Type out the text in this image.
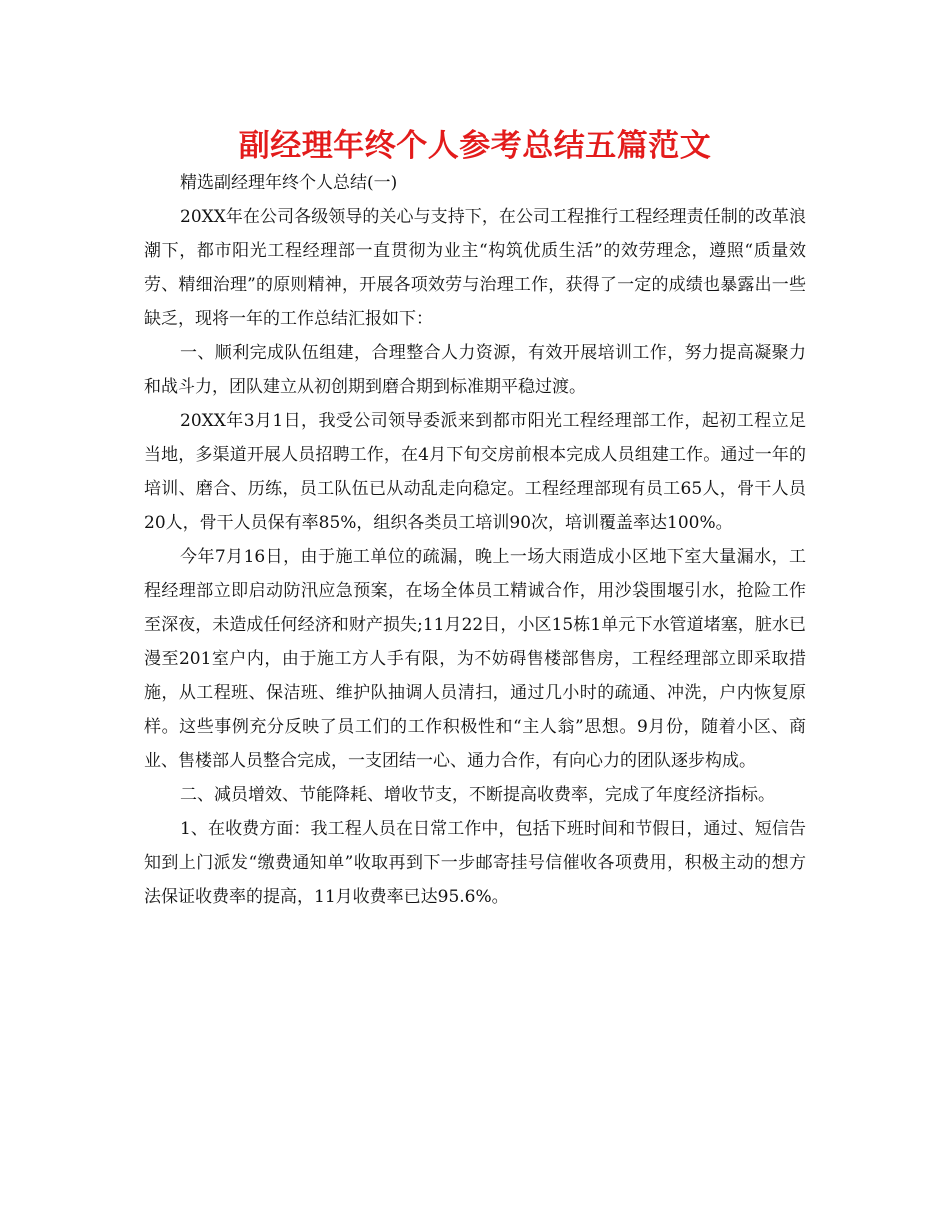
副经理年终个人参考总结五篇范文

精选副经理年终个人总结(一)

20XX年在公司各级领导的关心与支持下，在公司工程推行工程经理责任制的改革浪潮下，都市阳光工程经理部一直贯彻为业主“构筑优质生活”的效劳理念，遵照“质量效劳、精细治理”的原则精神，开展各项效劳与治理工作，获得了一定的成绩也暴露出一些缺乏，现将一年的工作总结汇报如下：

一、顺利完成队伍组建，合理整合人力资源，有效开展培训工作，努力提高凝聚力和战斗力，团队建立从初创期到磨合期到标准期平稳过渡。

20XX年3月1日，我受公司领导委派来到都市阳光工程经理部工作，起初工程立足当地，多渠道开展人员招聘工作，在4月下旬交房前根本完成人员组建工作。通过一年的培训、磨合、历练，员工队伍已从动乱走向稳定。工程经理部现有员工65人，骨干人员20人，骨干人员保有率85%，组织各类员工培训90次，培训覆盖率达100%。

今年7月16日，由于施工单位的疏漏，晚上一场大雨造成小区地下室大量漏水，工程经理部立即启动防汛应急预案，在场全体员工精诚合作，用沙袋围堰引水，抢险工作至深夜，未造成任何经济和财产损失;11月22日，小区15栋1单元下水管道堵塞，脏水已漫至201室户内，由于施工方人手有限，为不妨碍售楼部售房，工程经理部立即采取措施，从工程班、保洁班、维护队抽调人员清扫，通过几小时的疏通、冲洗，户内恢复原样。这些事例充分反映了员工们的工作积极性和“主人翁”思想。9月份，随着小区、商业、售楼部人员整合完成，一支团结一心、通力合作，有向心力的团队逐步构成。

二、减员增效、节能降耗、增收节支，不断提高收费率，完成了年度经济指标。

1、在收费方面：我工程人员在日常工作中，包括下班时间和节假日，通过、短信告知到上门派发“缴费通知单”收取再到下一步邮寄挂号信催收各项费用，积极主动的想方法保证收费率的提高，11月收费率已达95.6%。
